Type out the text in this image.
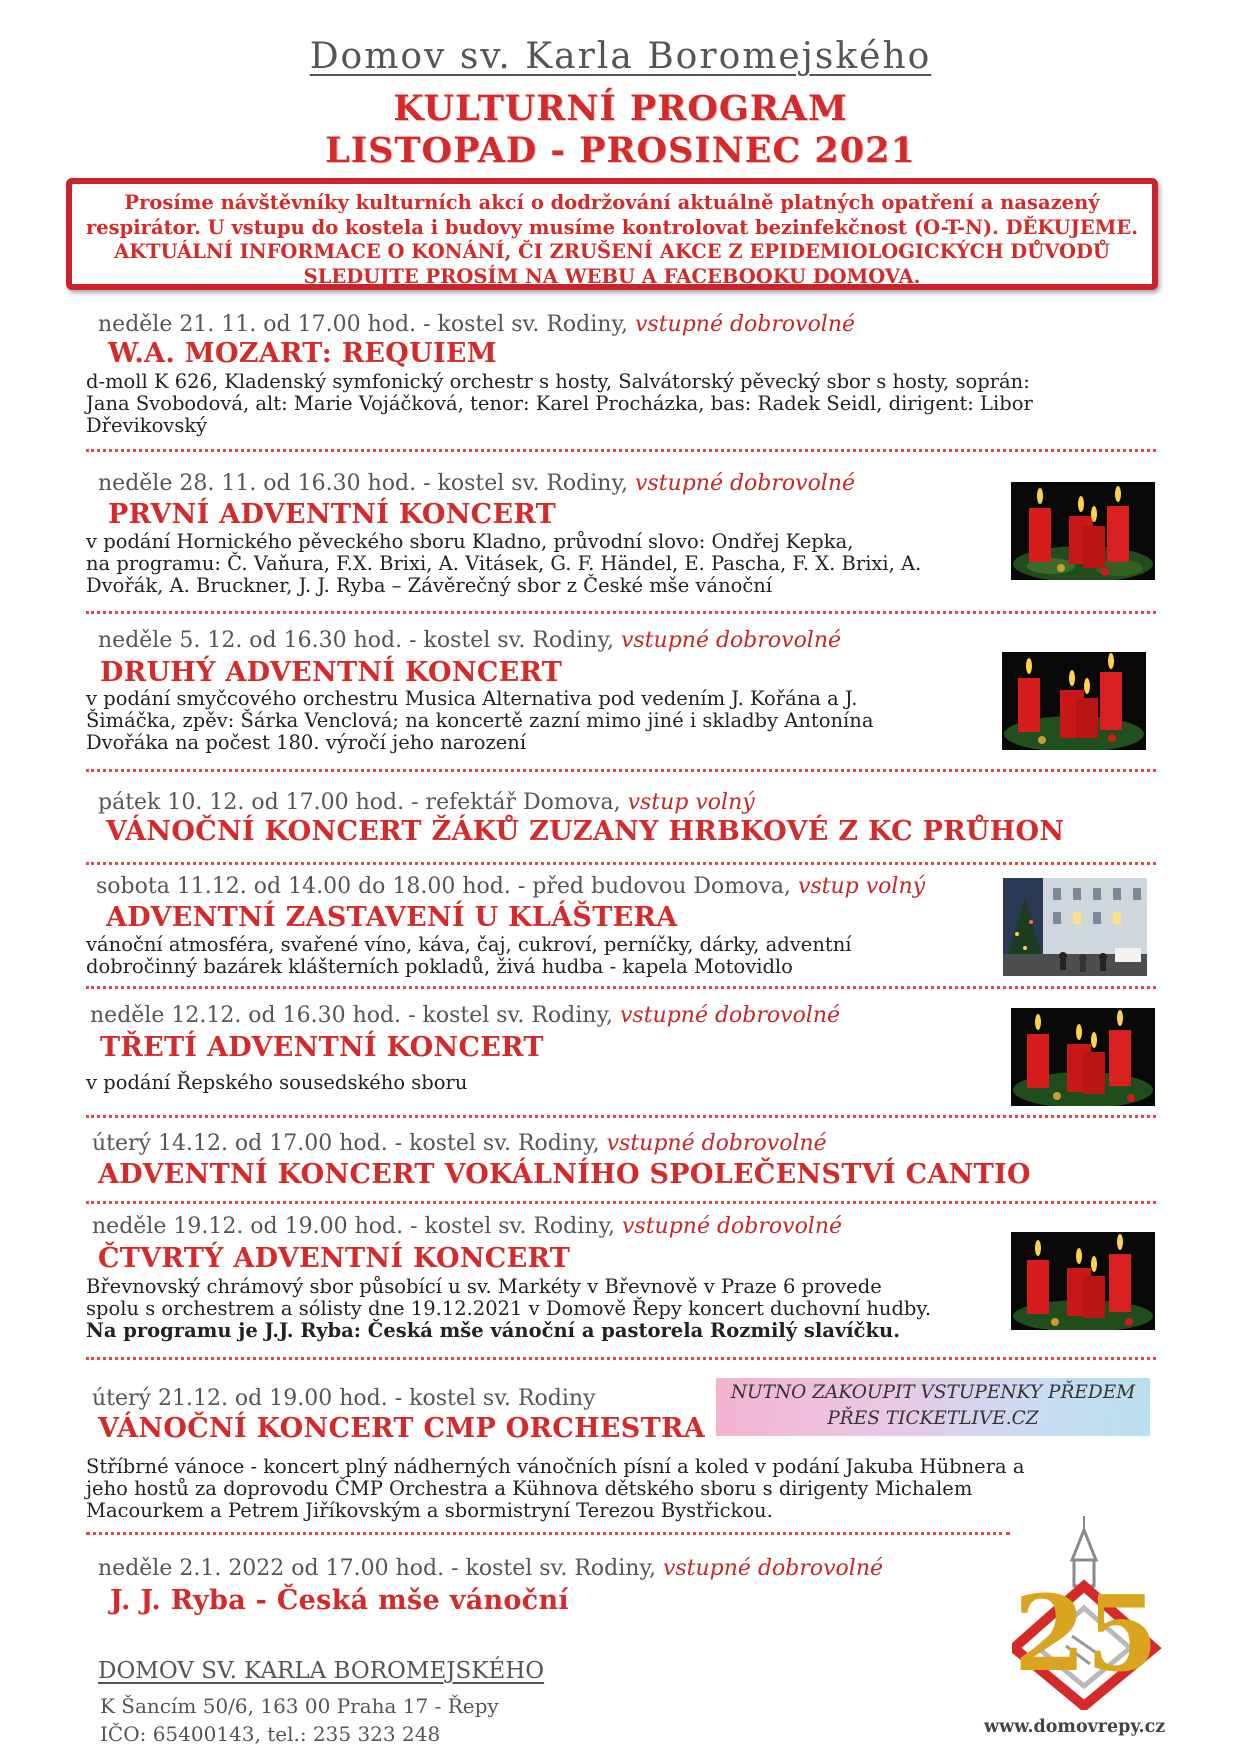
Domov sv. Karla Boromejského
KULTURNÍ PROGRAM
LISTOPAD - PROSINEC 2021
Prosíme návštěvníky kulturních akcí o dodržování aktuálně platných opatření a nasazený
respirátor. U vstupu do kostela i budovy musíme kontrolovat bezinfekčnost (O-T-N). DĚKUJEME.
AKTUÁLNÍ INFORMACE O KONÁNÍ, ČI ZRUŠENÍ AKCE Z EPIDEMIOLOGICKÝCH DŮVODŮ
SLEDUJTE PROSÍM NA WEBU A FACEBOOKU DOMOVA.
neděle 21. 11. od 17.00 hod. - kostel sv. Rodiny, vstupné dobrovolné
W.A. MOZART: REQUIEM
d-moll K 626, Kladenský symfonický orchestr s hosty, Salvátorský pěvecký sbor s hosty, soprán:
Jana Svobodová, alt: Marie Vojáčková, tenor: Karel Procházka, bas: Radek Seidl, dirigent: Libor
Dřevikovský
neděle 28. 11. od 16.30 hod. - kostel sv. Rodiny, vstupné dobrovolné
PRVNÍ ADVENTNÍ KONCERT
v podání Hornického pěveckého sboru Kladno, průvodní slovo: Ondřej Kepka,
na programu: Č. Vaňura, F.X. Brixi, A. Vitásek, G. F. Händel, E. Pascha, F. X. Brixi, A.
Dvořák, A. Bruckner, J. J. Ryba – Závěrečný sbor z České mše vánoční
neděle 5. 12. od 16.30 hod. - kostel sv. Rodiny, vstupné dobrovolné
DRUHÝ ADVENTNÍ KONCERT
v podání smyčcového orchestru Musica Alternativa pod vedením J. Kořána a J.
Šimáčka, zpěv: Šárka Venclová; na koncertě zazní mimo jiné i skladby Antonína
Dvořáka na počest 180. výročí jeho narození
pátek 10. 12. od 17.00 hod. - refektář Domova, vstup volný
VÁNOČNÍ KONCERT ŽÁKŮ ZUZANY HRBKOVÉ Z KC PRŮHON
sobota 11.12. od 14.00 do 18.00 hod. - před budovou Domova, vstup volný
ADVENTNÍ ZASTAVENÍ U KLÁŠTERA
vánoční atmosféra, svařené víno, káva, čaj, cukroví, perníčky, dárky, adventní
dobročinný bazárek klášterních pokladů, živá hudba - kapela Motovidlo
neděle 12.12. od 16.30 hod. - kostel sv. Rodiny, vstupné dobrovolné
TŘETÍ ADVENTNÍ KONCERT
v podání Řepského sousedského sboru
úterý 14.12. od 17.00 hod. - kostel sv. Rodiny, vstupné dobrovolné
ADVENTNÍ KONCERT VOKÁLNÍHO SPOLEČENSTVÍ CANTIO
neděle 19.12. od 19.00 hod. - kostel sv. Rodiny, vstupné dobrovolné
ČTVRTÝ ADVENTNÍ KONCERT
Břevnovský chrámový sbor působící u sv. Markéty v Břevnově v Praze 6 provede
spolu s orchestrem a sólisty dne 19.12.2021 v Domově Řepy koncert duchovní hudby.
Na programu je J.J. Ryba: Česká mše vánoční a pastorela Rozmilý slavíčku.
úterý 21.12. od 19.00 hod. - kostel sv. Rodiny
VÁNOČNÍ KONCERT CMP ORCHESTRA
NUTNO ZAKOUPIT VSTUPENKY PŘEDEM
PŘES TICKETLIVE.CZ
Stříbrné vánoce - koncert plný nádherných vánočních písní a koled v podání Jakuba Hübnera a
jeho hostů za doprovodu ČMP Orchestra a Kühnova dětského sboru s dirigenty Michalem
Macourkem a Petrem Jiříkovským a sbormistryní Terezou Bystřickou.
neděle 2.1. 2022 od 17.00 hod. - kostel sv. Rodiny, vstupné dobrovolné
J. J. Ryba - Česká mše vánoční
DOMOV SV. KARLA BOROMEJSKÉHO
K Šancím 50/6, 163 00 Praha 17 - Řepy
IČO: 65400143, tel.: 235 323 248
25
www.domovrepy.cz
